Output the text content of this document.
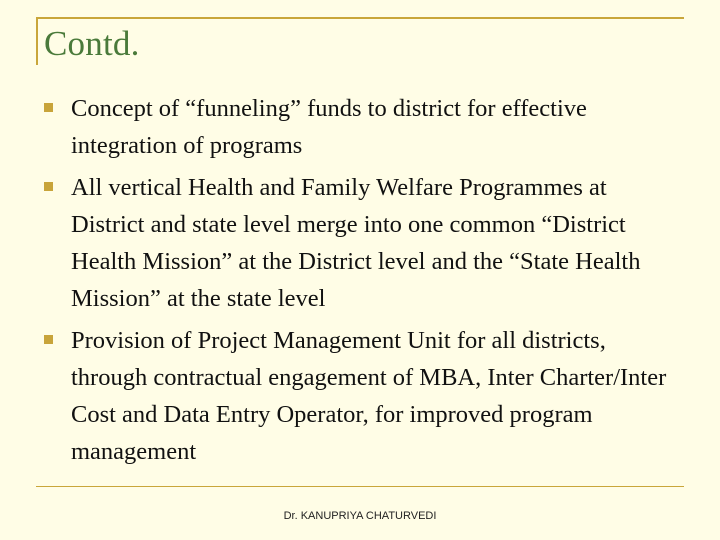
Contd.
Concept of “funneling” funds to district for effective integration of programs
All vertical Health and Family Welfare Programmes at District and state level merge into one common “District Health Mission” at the District level and the “State Health Mission” at the state level
Provision of Project Management Unit for all districts, through contractual engagement of MBA, Inter Charter/Inter Cost and Data Entry Operator, for improved program management
Dr. KANUPRIYA CHATURVEDI
